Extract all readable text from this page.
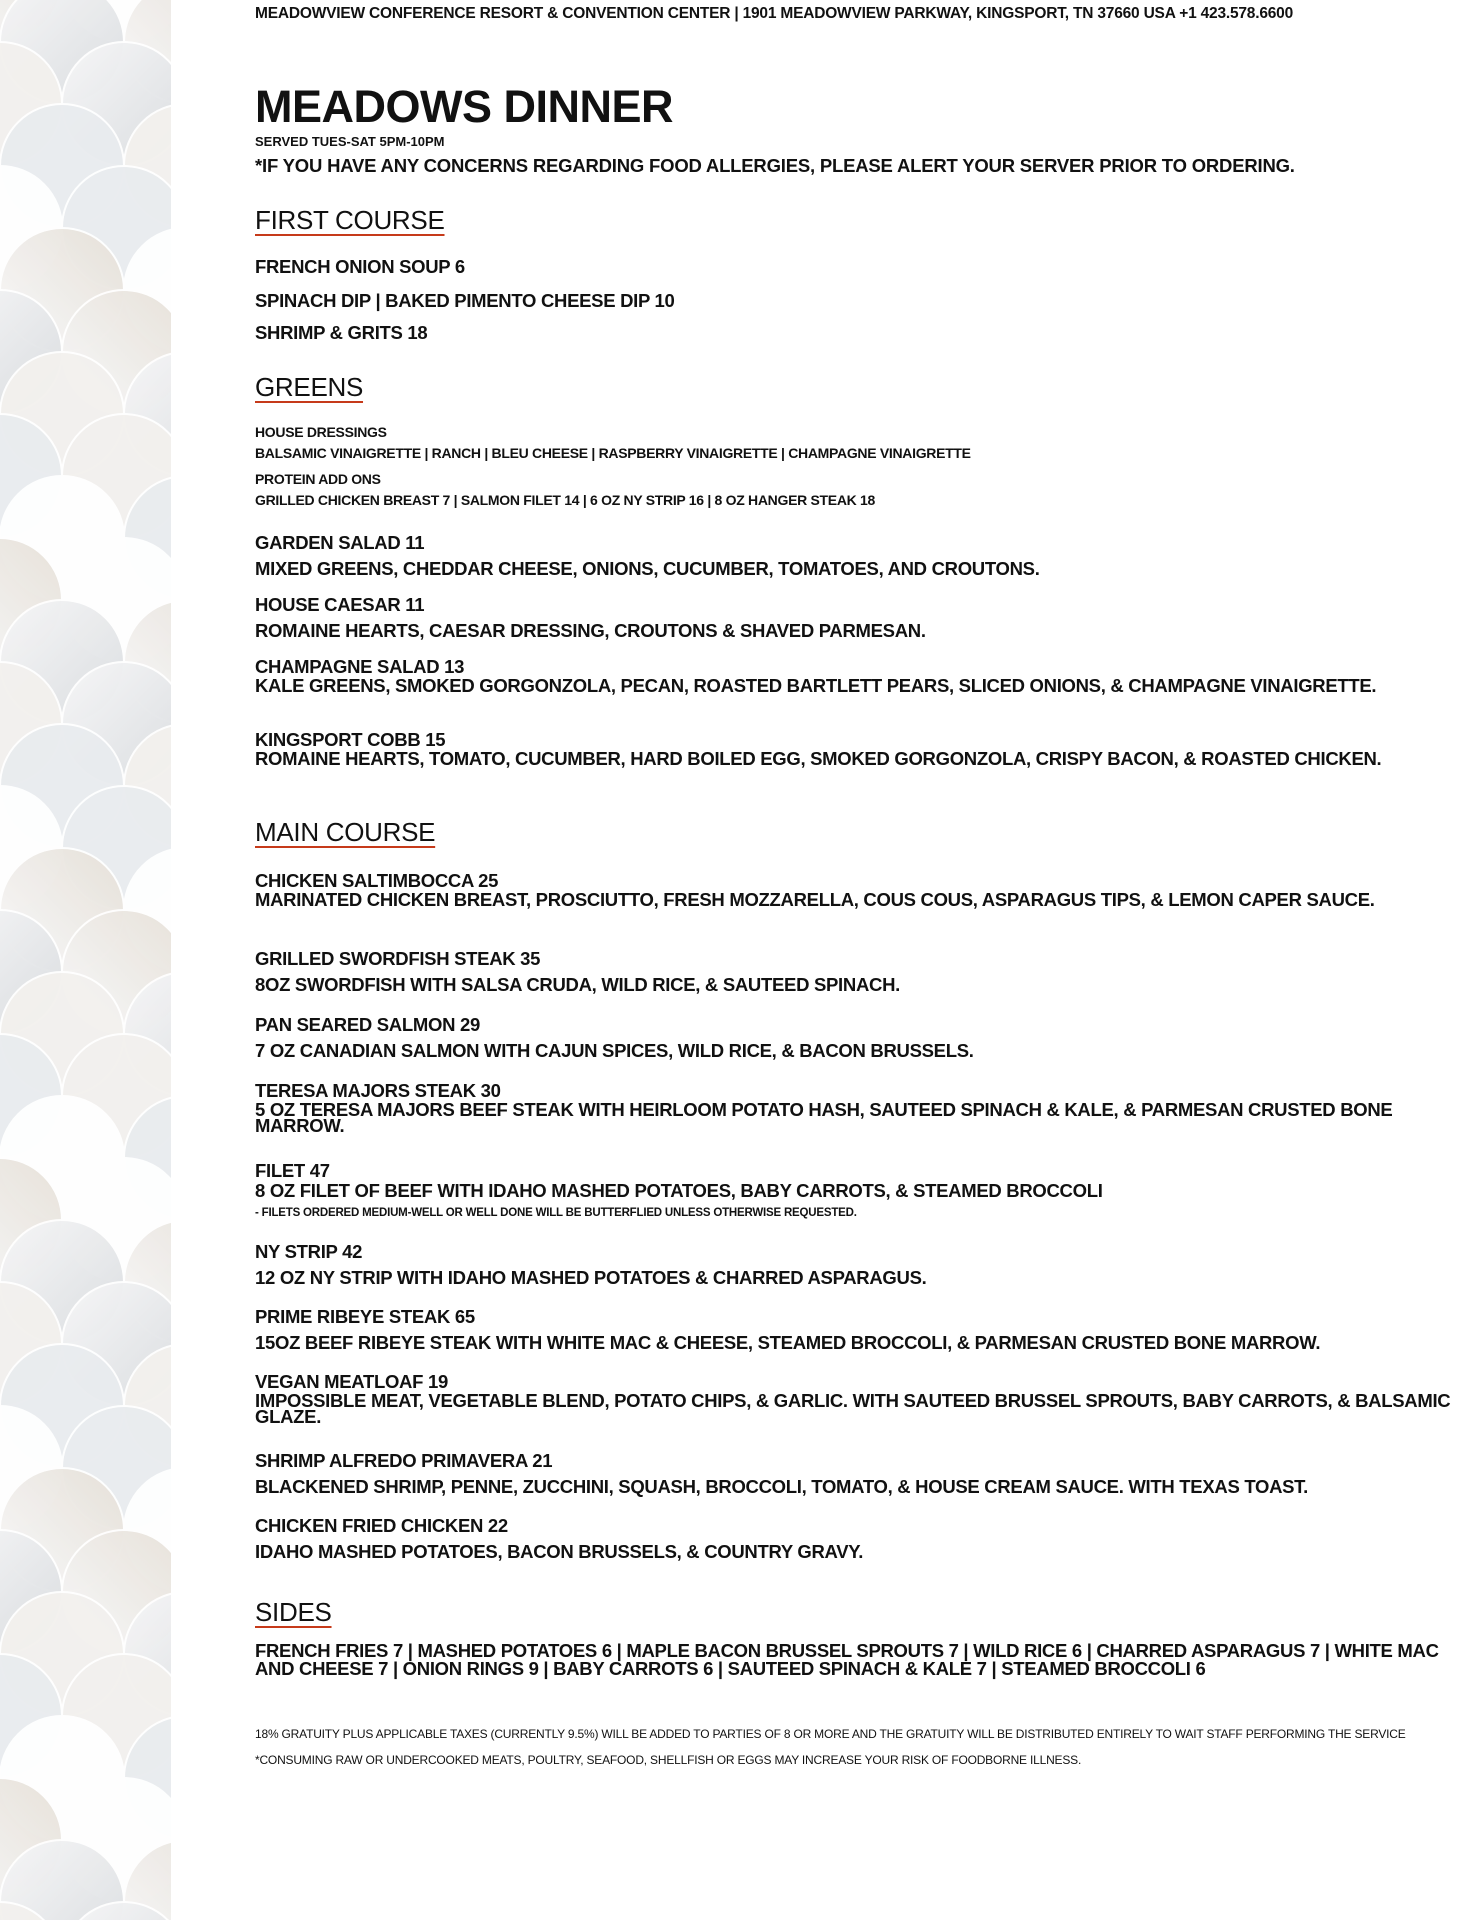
MEADOWVIEW CONFERENCE RESORT & CONVENTION CENTER | 1901 MEADOWVIEW PARKWAY, KINGSPORT, TN 37660 USA +1 423.578.6600
MEADOWS DINNER
SERVED TUES-SAT 5PM-10PM
*IF YOU HAVE ANY CONCERNS REGARDING FOOD ALLERGIES, PLEASE ALERT YOUR SERVER PRIOR TO ORDERING.
FIRST COURSE
FRENCH ONION SOUP 6
SPINACH DIP | BAKED PIMENTO CHEESE DIP 10
SHRIMP & GRITS 18
GREENS
HOUSE DRESSINGS
BALSAMIC VINAIGRETTE | RANCH | BLEU CHEESE | RASPBERRY VINAIGRETTE | CHAMPAGNE VINAIGRETTE
PROTEIN ADD ONS
GRILLED CHICKEN BREAST 7 | SALMON FILET 14 | 6 OZ NY STRIP 16 | 8 OZ HANGER STEAK 18
GARDEN SALAD 11
MIXED GREENS, CHEDDAR CHEESE, ONIONS, CUCUMBER, TOMATOES, AND CROUTONS.
HOUSE CAESAR 11
ROMAINE HEARTS, CAESAR DRESSING, CROUTONS & SHAVED PARMESAN.
CHAMPAGNE SALAD 13
KALE GREENS, SMOKED GORGONZOLA, PECAN, ROASTED BARTLETT PEARS, SLICED ONIONS, & CHAMPAGNE VINAIGRETTE.
KINGSPORT COBB 15
ROMAINE HEARTS, TOMATO, CUCUMBER, HARD BOILED EGG, SMOKED GORGONZOLA, CRISPY BACON, & ROASTED CHICKEN.
MAIN COURSE
CHICKEN SALTIMBOCCA 25
MARINATED CHICKEN BREAST, PROSCIUTTO, FRESH MOZZARELLA, COUS COUS, ASPARAGUS TIPS, & LEMON CAPER SAUCE.
GRILLED SWORDFISH STEAK 35
8OZ SWORDFISH WITH SALSA CRUDA, WILD RICE, & SAUTEED SPINACH.
PAN SEARED SALMON 29
7 OZ CANADIAN SALMON WITH CAJUN SPICES, WILD RICE, & BACON BRUSSELS.
TERESA MAJORS STEAK 30
5 OZ TERESA MAJORS BEEF STEAK WITH HEIRLOOM POTATO HASH, SAUTEED SPINACH & KALE, & PARMESAN CRUSTED BONE MARROW.
FILET 47
8 OZ FILET OF BEEF WITH IDAHO MASHED POTATOES, BABY CARROTS, & STEAMED BROCCOLI
- FILETS ORDERED MEDIUM-WELL OR WELL DONE WILL BE BUTTERFLIED UNLESS OTHERWISE REQUESTED.
NY STRIP 42
12 OZ NY STRIP WITH IDAHO MASHED POTATOES & CHARRED ASPARAGUS.
PRIME RIBEYE STEAK 65
15OZ BEEF RIBEYE STEAK WITH WHITE MAC & CHEESE, STEAMED BROCCOLI, & PARMESAN CRUSTED BONE MARROW.
VEGAN MEATLOAF 19
IMPOSSIBLE MEAT, VEGETABLE BLEND, POTATO CHIPS, & GARLIC. WITH SAUTEED BRUSSEL SPROUTS, BABY CARROTS, & BALSAMIC GLAZE.
SHRIMP ALFREDO PRIMAVERA 21
BLACKENED SHRIMP, PENNE, ZUCCHINI, SQUASH, BROCCOLI, TOMATO, & HOUSE CREAM SAUCE. WITH TEXAS TOAST.
CHICKEN FRIED CHICKEN 22
IDAHO MASHED POTATOES, BACON BRUSSELS, & COUNTRY GRAVY.
SIDES
FRENCH FRIES 7 | MASHED POTATOES 6 | MAPLE BACON BRUSSEL SPROUTS 7 | WILD RICE 6 | CHARRED ASPARAGUS 7 | WHITE MAC AND CHEESE 7 | ONION RINGS 9 | BABY CARROTS 6 | SAUTEED SPINACH & KALE 7 | STEAMED BROCCOLI 6
18% GRATUITY PLUS APPLICABLE TAXES (CURRENTLY 9.5%) WILL BE ADDED TO PARTIES OF 8 OR MORE AND THE GRATUITY WILL BE DISTRIBUTED ENTIRELY TO WAIT STAFF PERFORMING THE SERVICE
*CONSUMING RAW OR UNDERCOOKED MEATS, POULTRY, SEAFOOD, SHELLFISH OR EGGS MAY INCREASE YOUR RISK OF FOODBORNE ILLNESS.
